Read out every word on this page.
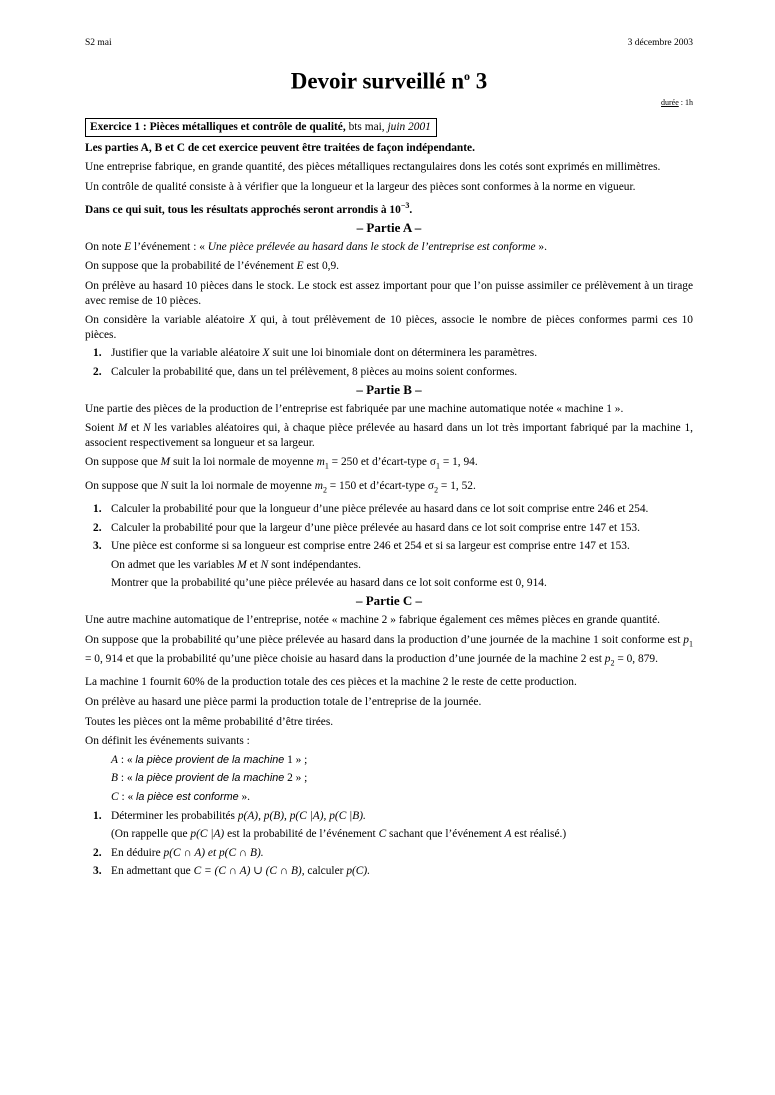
S2 mai	3 décembre 2003
Devoir surveillé $n^o$ 3
durée : 1h
Exercice 1 : Pièces métalliques et contrôle de qualité, bts mai, juin 2001

Les parties A, B et C de cet exercice peuvent être traitées de façon indépendante.

Une entreprise fabrique, en grande quantité, des pièces métalliques rectangulaires dons les cotés sont exprimés en millimètres.

Un contrôle de qualité consiste à à vérifier que la longueur et la largeur des pièces sont conformes à la norme en vigueur.

Dans ce qui suit, tous les résultats approchés seront arrondis à $10^{-3}$.

– Partie A –

On note E l’événement : « Une pièce prélevée au hasard dans le stock de l’entreprise est conforme ».

On suppose que la probabilité de l’événement E est 0,9.

On prélève au hasard 10 pièces dans le stock. Le stock est assez important pour que l’on puisse assimiler ce prélèvement à un tirage avec remise de 10 pièces.

On considère la variable aléatoire X qui, à tout prélèvement de 10 pièces, associe le nombre de pièces conformes parmi ces 10 pièces.

1. Justifier que la variable aléatoire X suit une loi binomiale dont on déterminera les paramètres.
2. Calculer la probabilité que, dans un tel prélèvement, 8 pièces au moins soient conformes.
– Partie B –

Une partie des pièces de la production de l’entreprise est fabriquée par une machine automatique notée « machine 1 ».

Soient M et N les variables aléatoires qui, à chaque pièce prélevée au hasard dans un lot très important fabriqué par la machine 1, associent respectivement sa longueur et sa largeur.

On suppose que M suit la loi normale de moyenne $m_1 = 250$ et d’écart-type $\sigma_1 = 1$, 94.

On suppose que N suit la loi normale de moyenne $m_2 = 150$ et d’écart-type $\sigma_2 = 1$, 52.

1. Calculer la probabilité pour que la longueur d’une pièce prélevée au hasard dans ce lot soit comprise entre 246 et 254.
2. Calculer la probabilité pour que la largeur d’une pièce prélevée au hasard dans ce lot soit comprise entre 147 et 153.
3. Une pièce est conforme si sa longueur est comprise entre 246 et 254 et si sa largeur est comprise entre 147 et 153.

On admet que les variables M et N sont indépendantes.

Montrer que la probabilité qu’une pièce prélevée au hasard dans ce lot soit conforme est 0, 914.

– Partie C –

Une autre machine automatique de l’entreprise, notée « machine 2 » fabrique également ces mêmes pièces en grande quantité.

On suppose que la probabilité qu’une pièce prélevée au hasard dans la production d’une journée de la machine 1 soit conforme est $p_1 = 0$, 914 et que la probabilité qu’une pièce choisie au hasard dans la production d’une journée de la machine 2 est $p_2 = 0$, 879.

La machine 1 fournit 60% de la production totale des ces pièces et la machine 2 le reste de cette production.

On prélève au hasard une pièce parmi la production totale de l’entreprise de la journée.

Toutes les pièces ont la même probabilité d’être tirées.

On définit les événements suivants :

A : « la pièce provient de la machine 1 » ;

B : « la pièce provient de la machine 2 » ;

C : « la pièce est conforme ».

1. Déterminer les probabilités p(A), p(B), p(C |A), p(C |B).

(On rappelle que p(C |A) est la probabilité de l’événement C sachant que l’événement A est réalisé.)

2. En déduire p(C ∩ A) et p(C ∩ B).
3. En admettant que C = (C ∩ A) ∪ (C ∩ B), calculer p(C).
